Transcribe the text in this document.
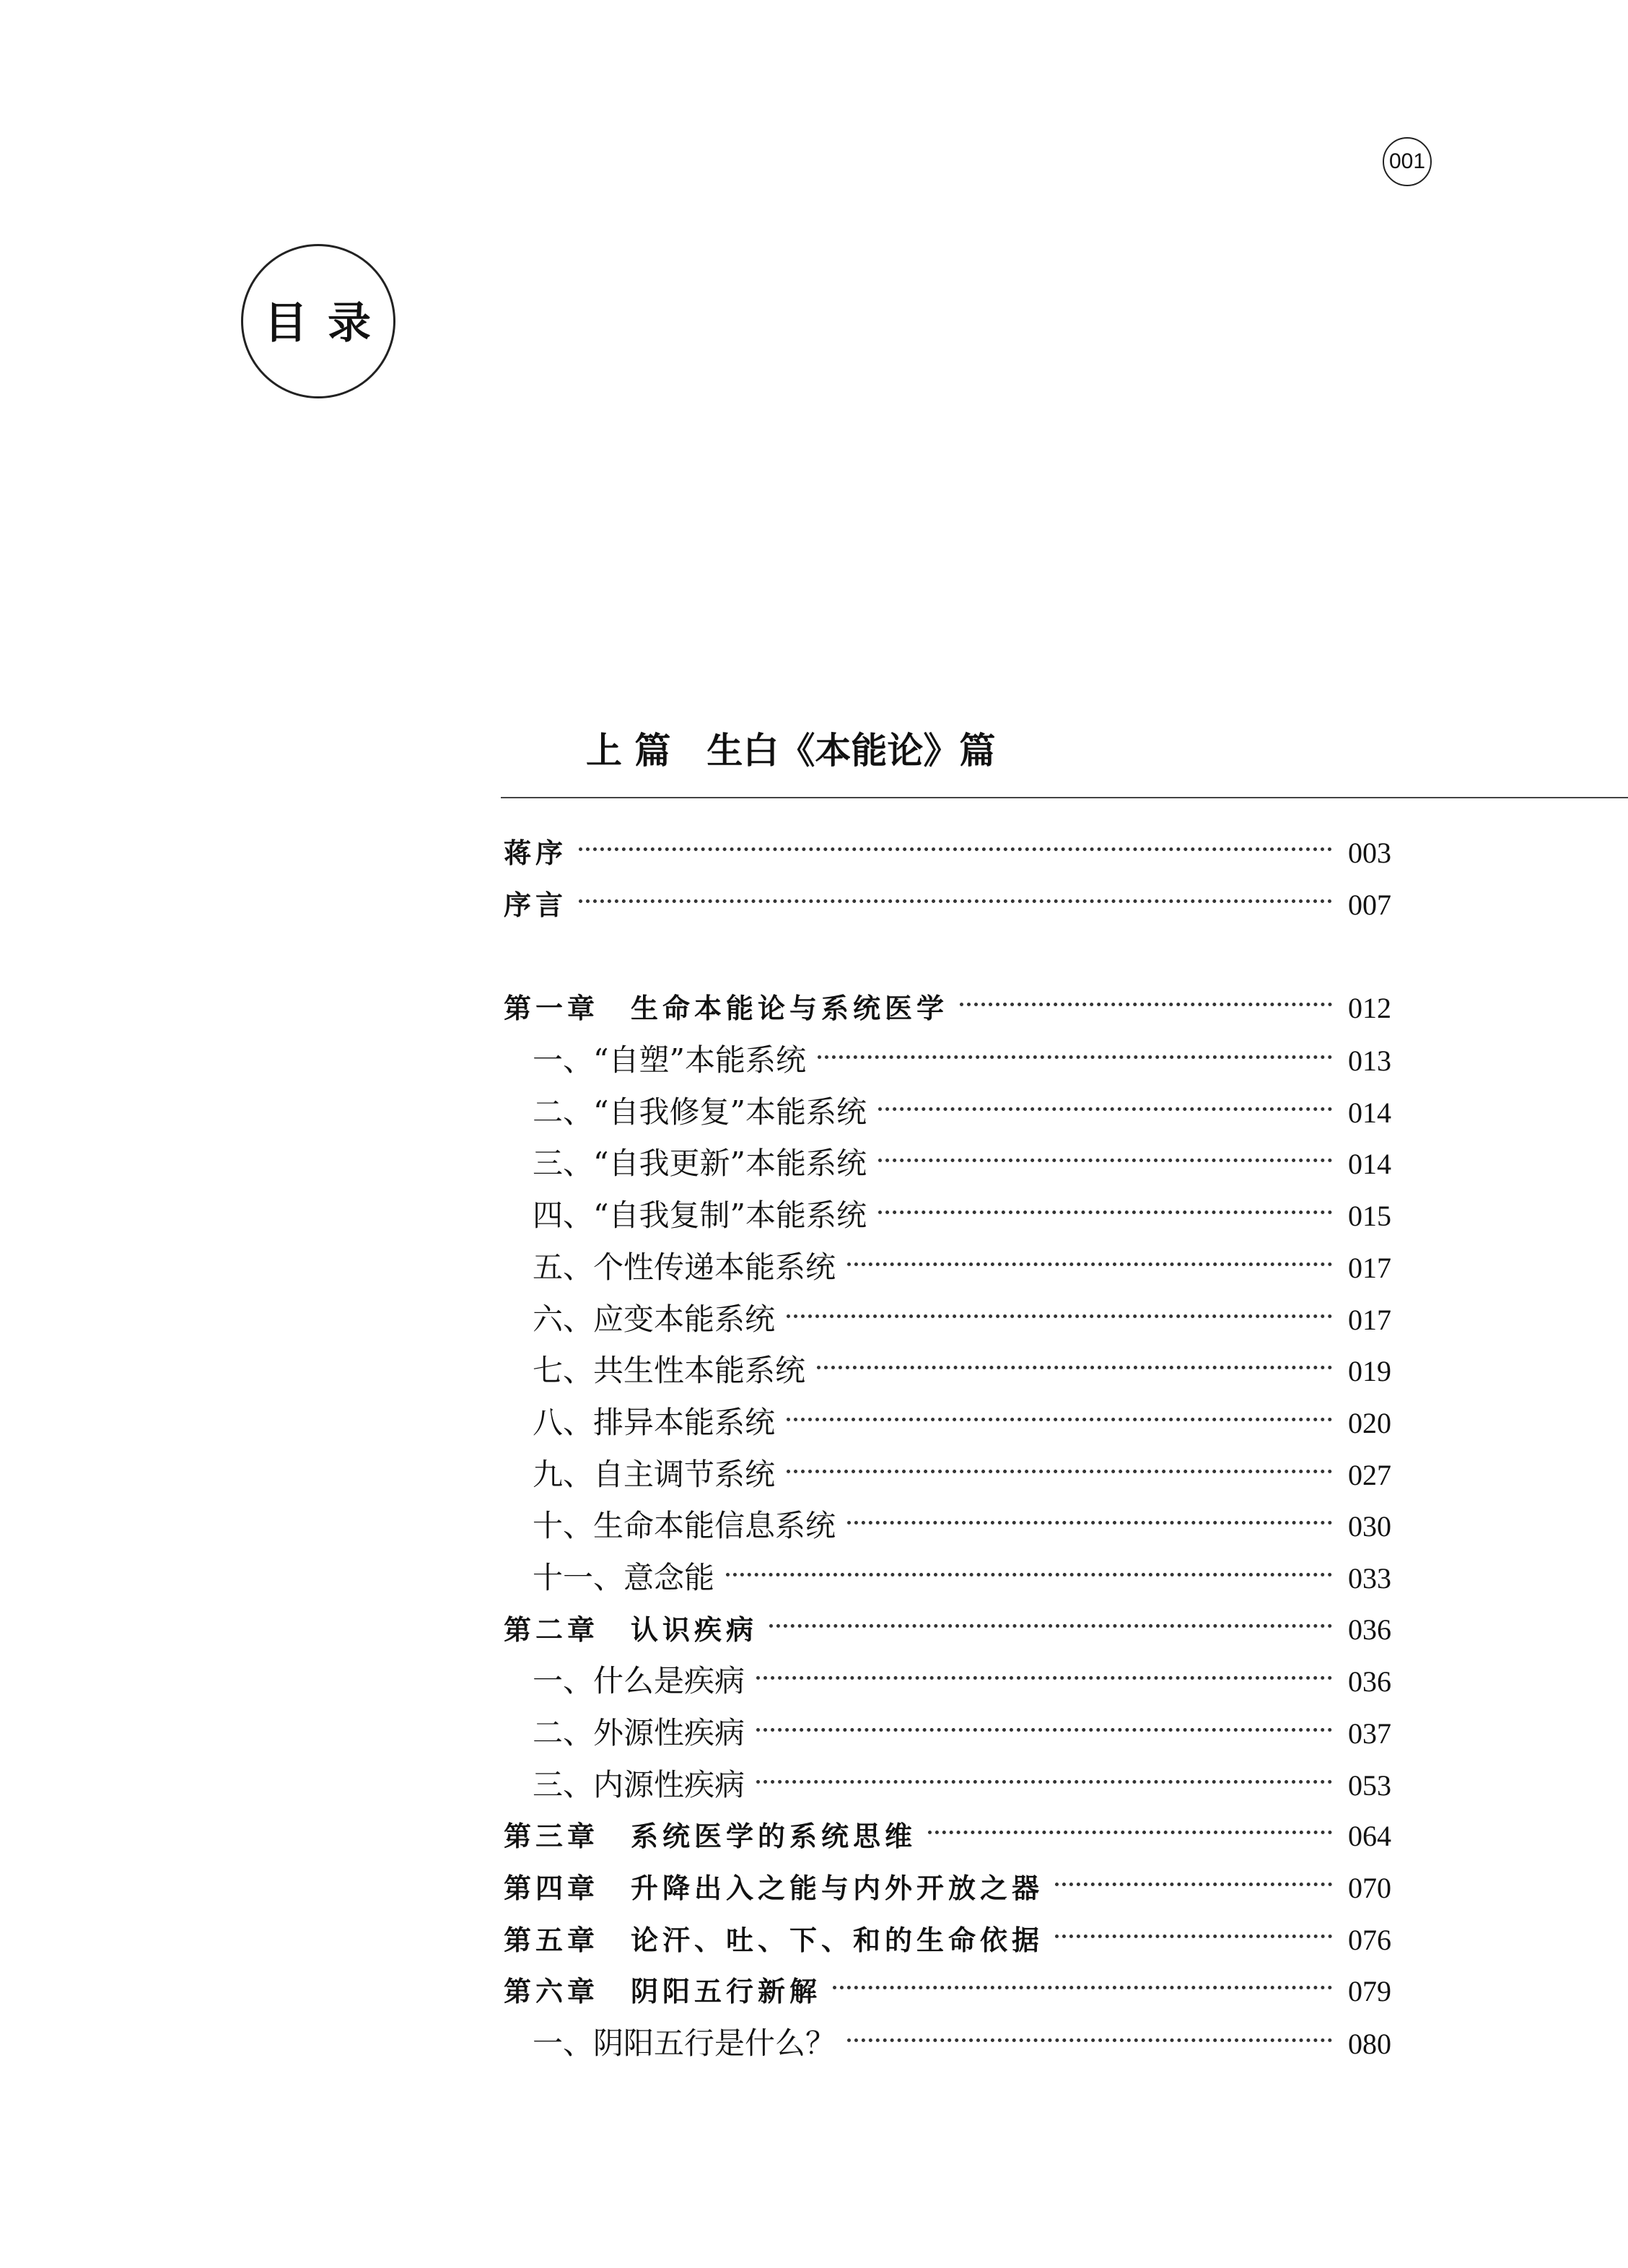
001
目录
上 篇　生白《本能论》篇
蒋序	003
序言	007
第一章　生命本能论与系统医学	012
一、“自塑”本能系统	013
二、“自我修复”本能系统	014
三、“自我更新”本能系统	014
四、“自我复制”本能系统	015
五、个性传递本能系统	017
六、应变本能系统	017
七、共生性本能系统	019
八、排异本能系统	020
九、自主调节系统	027
十、生命本能信息系统	030
十一、意念能	033
第二章　认识疾病	036
一、什么是疾病	036
二、外源性疾病	037
三、内源性疾病	053
第三章　系统医学的系统思维	064
第四章　升降出入之能与内外开放之器	070
第五章　论汗、吐、下、和的生命依据	076
第六章　阴阳五行新解	079
一、阴阳五行是什么？	080
